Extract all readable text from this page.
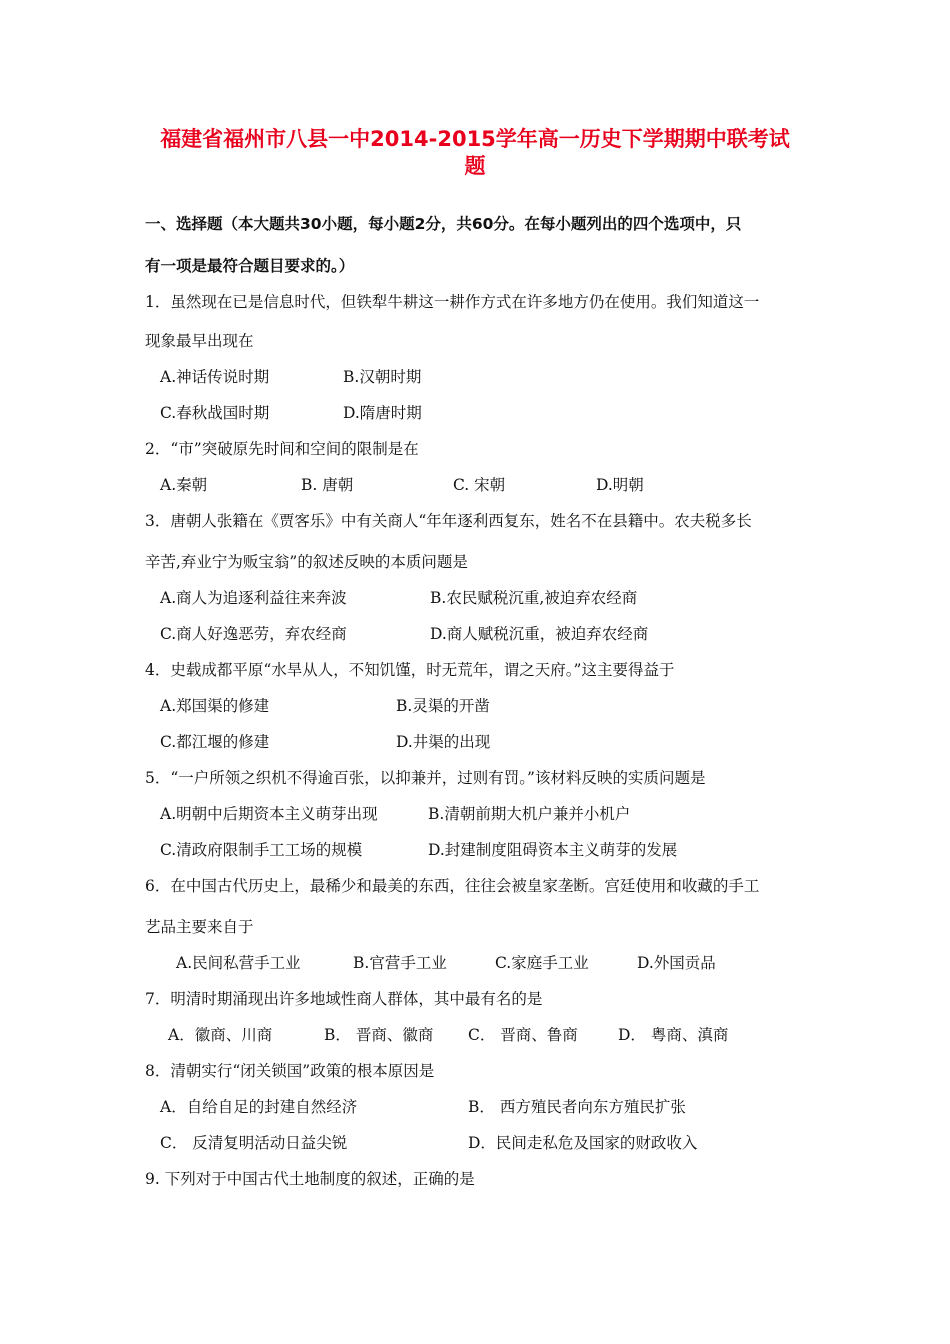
福建省福州市八县一中2014-2015学年高一历史下学期期中联考试
题
一、选择题（本大题共30小题，每小题2分，共60分。在每小题列出的四个选项中，只
有一项是最符合题目要求的。）
1．虽然现在已是信息时代，但铁犁牛耕这一耕作方式在许多地方仍在使用。我们知道这一
现象最早出现在
A.神话传说时期	B.汉朝时期
C.春秋战国时期	D.隋唐时期
2．“市”突破原先时间和空间的限制是在
A.秦朝	B. 唐朝	C. 宋朝	D.明朝
3．唐朝人张籍在《贾客乐》中有关商人“年年逐利西复东，姓名不在县籍中。农夫税多长
辛苦,弃业宁为贩宝翁”的叙述反映的本质问题是
A.商人为追逐利益往来奔波	B.农民赋税沉重,被迫弃农经商
C.商人好逸恶劳，弃农经商	D.商人赋税沉重，被迫弃农经商
4．史载成都平原“水旱从人，不知饥馑，时无荒年，谓之天府。”这主要得益于
A.郑国渠的修建	B.灵渠的开凿
C.都江堰的修建	D.井渠的出现
5．“一户所领之织机不得逾百张，以抑兼并，过则有罚。”该材料反映的实质问题是
A.明朝中后期资本主义萌芽出现	B.清朝前期大机户兼并小机户
C.清政府限制手工工场的规模	D.封建制度阻碍资本主义萌芽的发展
6．在中国古代历史上，最稀少和最美的东西，往往会被皇家垄断。宫廷使用和收藏的手工
艺品主要来自于
A.民间私营手工业	B.官营手工业	C.家庭手工业	D.外国贡品
7．明清时期涌现出许多地域性商人群体，其中最有名的是
A．徽商、川商	B． 晋商、徽商 C． 晋商、鲁商	D． 粤商、滇商
8．清朝实行“闭关锁国”政策的根本原因是
A．自给自足的封建自然经济	B． 西方殖民者向东方殖民扩张
C． 反清复明活动日益尖锐	D．民间走私危及国家的财政收入
9. 下列对于中国古代土地制度的叙述，正确的是
